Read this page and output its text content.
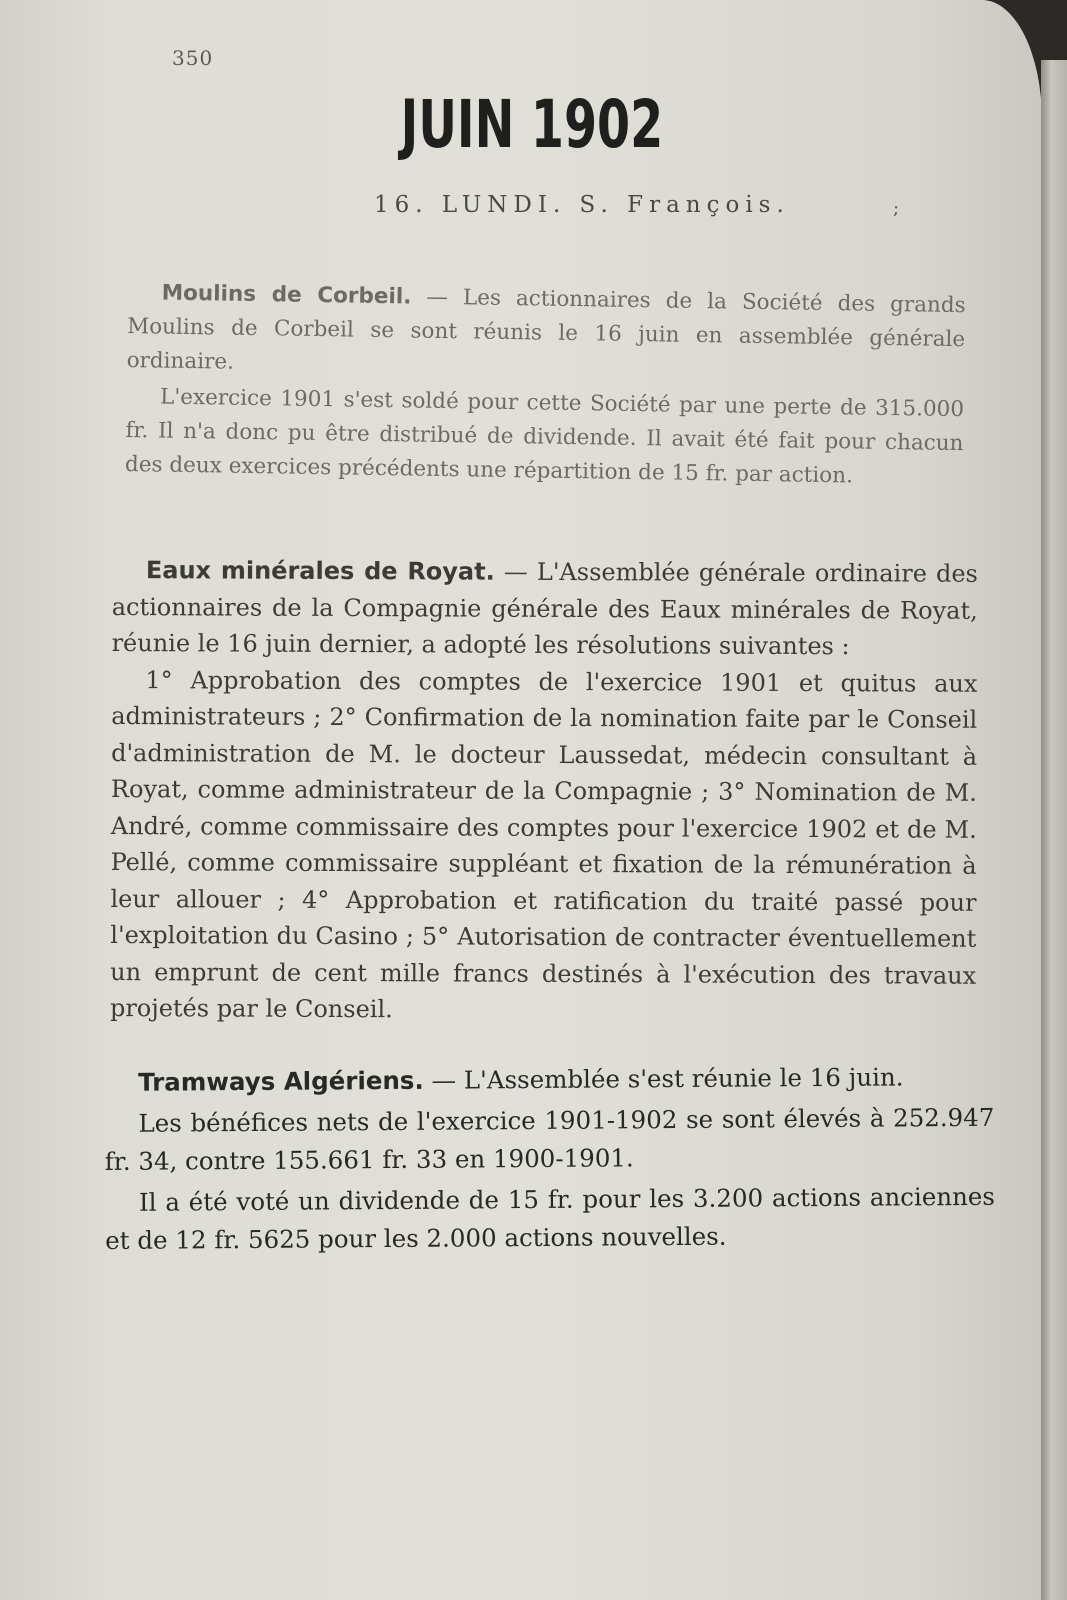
350
JUIN 1902
16. LUNDI. S. François.	;

Moulins de Corbeil. — Les actionnaires de la Société des grands Moulins de Corbeil se sont réunis le 16 juin en assemblée générale ordinaire.

L'exercice 1901 s'est soldé pour cette Société par une perte de 315.000 fr. Il n'a donc pu être distribué de dividende. Il avait été fait pour chacun des deux exercices précédents une répartition de 15 fr. par action.

Eaux minérales de Royat. — L'Assemblée générale ordinaire des actionnaires de la Compagnie générale des Eaux minérales de Royat, réunie le 16 juin dernier, a adopté les résolutions suivantes :

1° Approbation des comptes de l'exercice 1901 et quitus aux administrateurs ; 2° Confirmation de la nomination faite par le Conseil d'administration de M. le docteur Laussedat, médecin consultant à Royat, comme administrateur de la Compagnie ; 3° Nomination de M. André, comme commissaire des comptes pour l'exercice 1902 et de M. Pellé, comme commissaire suppléant et fixation de la rémunération à leur allouer ; 4° Approbation et ratification du traité passé pour l'exploitation du Casino ; 5° Autorisation de contracter éventuellement un emprunt de cent mille francs destinés à l'exécution des travaux projetés par le Conseil.

Tramways Algériens. — L'Assemblée s'est réunie le 16 juin.

Les bénéfices nets de l'exercice 1901-1902 se sont élevés à 252.947 fr. 34, contre 155.661 fr. 33 en 1900-1901.

Il a été voté un dividende de 15 fr. pour les 3.200 actions anciennes et de 12 fr. 5625 pour les 2.000 actions nouvelles.
